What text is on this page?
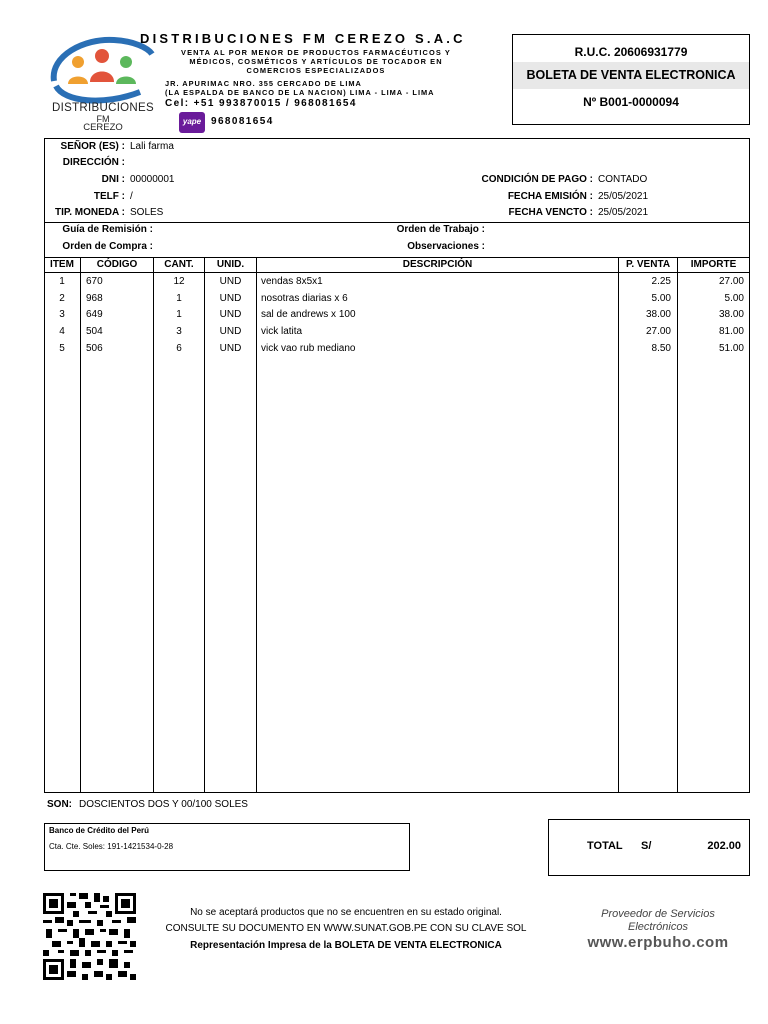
DISTRIBUCIONES
FM
CEREZO
DISTRIBUCIONES FM CEREZO S.A.C
VENTA AL POR MENOR DE PRODUCTOS FARMACÉUTICOS Y
MÉDICOS, COSMÉTICOS Y ARTÍCULOS DE TOCADOR EN
COMERCIOS ESPECIALIZADOS
JR. APURIMAC NRO. 355 CERCADO DE LIMA
(LA ESPALDA DE BANCO DE LA NACION) LIMA - LIMA - LIMA
Cel: +51 993870015 / 968081654
yape 968081654
R.U.C. 20606931779
BOLETA DE VENTA ELECTRONICA
Nº B001-0000094
SEÑOR (ES) : Lali farma
DIRECCIÓN :
DNI : 00000001
TELF : /
TIP. MONEDA : SOLES
CONDICIÓN DE PAGO : CONTADO
FECHA EMISIÓN : 25/05/2021
FECHA VENCTO : 25/05/2021
Guía de Remisión :
Orden de Compra :
Orden de Trabajo :
Observaciones :
ITEM	CÓDIGO	CANT.	UNID.	DESCRIPCIÓN	P. VENTA	IMPORTE
1	670	12	UND	vendas 8x5x1	2.25	27.00
2	968	1	UND	nosotras diarias x 6	5.00	5.00
3	649	1	UND	sal de andrews x 100	38.00	38.00
4	504	3	UND	vick latita	27.00	81.00
5	506	6	UND	vick vao rub mediano	8.50	51.00
SON: DOSCIENTOS DOS Y 00/100 SOLES
Banco de Crédito del Perú
Cta. Cte. Soles: 191-1421534-0-28	TOTAL S/	202.00
No se aceptará productos que no se encuentren en su estado original.
CONSULTE SU DOCUMENTO EN WWW.SUNAT.GOB.PE CON SU CLAVE SOL
Representación Impresa de la BOLETA DE VENTA ELECTRONICA
Proveedor de Servicios
Electrónicos
www.erpbuho.com
